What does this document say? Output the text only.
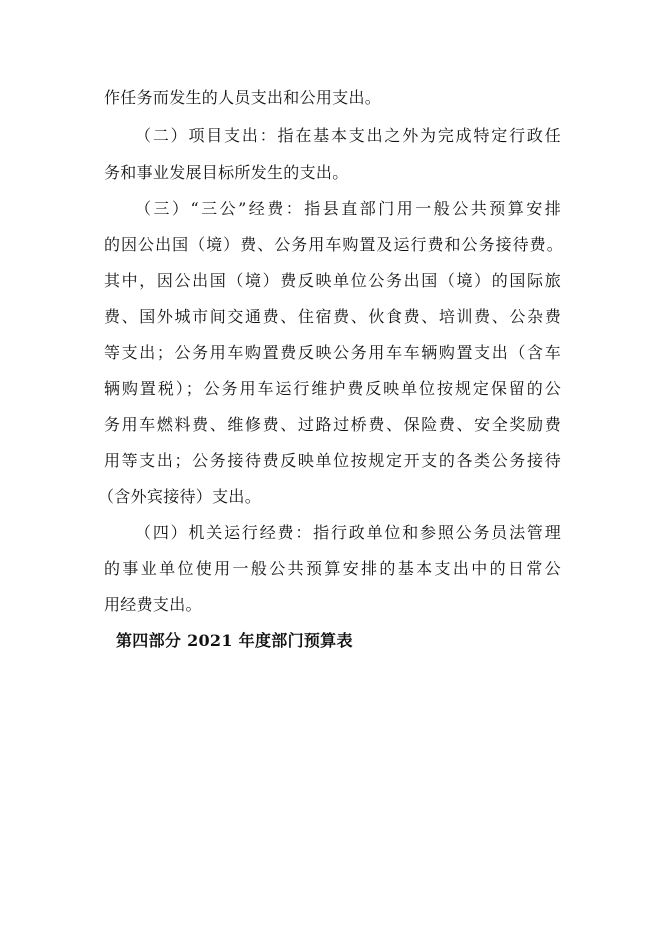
作任务而发生的人员支出和公用支出。
（二）项目支出：指在基本支出之外为完成特定行政任
务和事业发展目标所发生的支出。
（三）“三公”经费：指县直部门用一般公共预算安排
的因公出国（境）费、公务用车购置及运行费和公务接待费。
其中，因公出国（境）费反映单位公务出国（境）的国际旅
费、国外城市间交通费、住宿费、伙食费、培训费、公杂费
等支出；公务用车购置费反映公务用车车辆购置支出（含车
辆购置税）；公务用车运行维护费反映单位按规定保留的公
务用车燃料费、维修费、过路过桥费、保险费、安全奖励费
用等支出；公务接待费反映单位按规定开支的各类公务接待
（含外宾接待）支出。
（四）机关运行经费：指行政单位和参照公务员法管理
的事业单位使用一般公共预算安排的基本支出中的日常公
用经费支出。
第四部分 2021 年度部门预算表
